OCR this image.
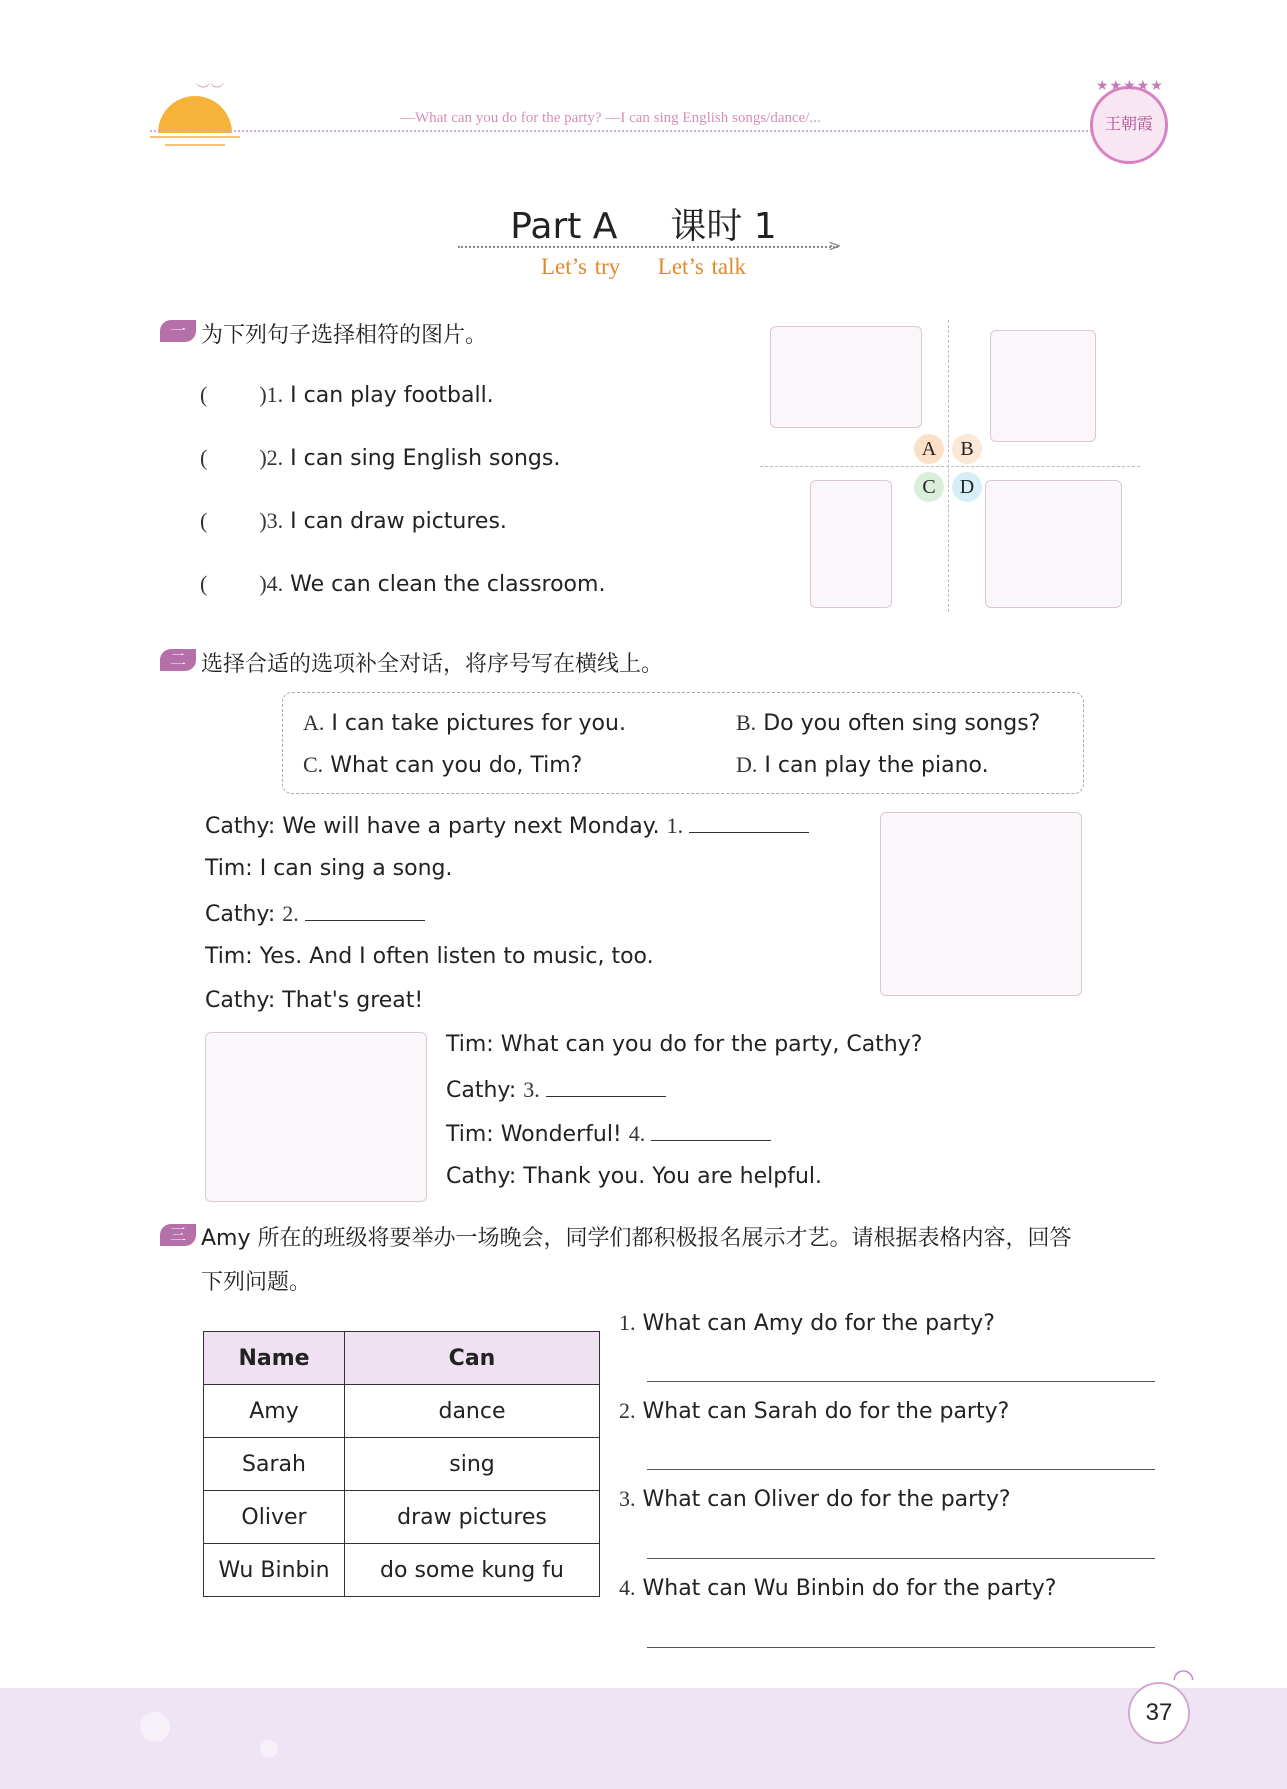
︶︶
—What can you do for the party? —I can sing English songs/dance/...	王朝霞
★★★★★
Part A 课时 1	⋗
Let’s try Let’s talk
一 为下列句子选择相符的图片。
( )1. I can play football.
( )2. I can sing English songs.
( )3. I can draw pictures.
( )4. We can clean the classroom.
A	B
C	D
二 选择合适的选项补全对话，将序号写在横线上。
A. I can take pictures for you.	B. Do you often sing songs?
C. What can you do, Tim?	D. I can play the piano.
Cathy: We will have a party next Monday. 1.
Tim: I can sing a song.
Cathy: 2.
Tim: Yes. And I often listen to music, too.
Cathy: That's great!
Tim: What can you do for the party, Cathy?
Cathy: 3.
Tim: Wonderful! 4.
Cathy: Thank you. You are helpful.
三 Amy 所在的班级将要举办一场晚会，同学们都积极报名展示才艺。请根据表格内容，回答
下列问题。
Name	Can
Amy	dance
Sarah	sing
Oliver	draw pictures
Wu Binbin	do some kung fu
1. What can Amy do for the party?
2. What can Sarah do for the party?
3. What can Oliver do for the party?
4. What can Wu Binbin do for the party?
37
◠
